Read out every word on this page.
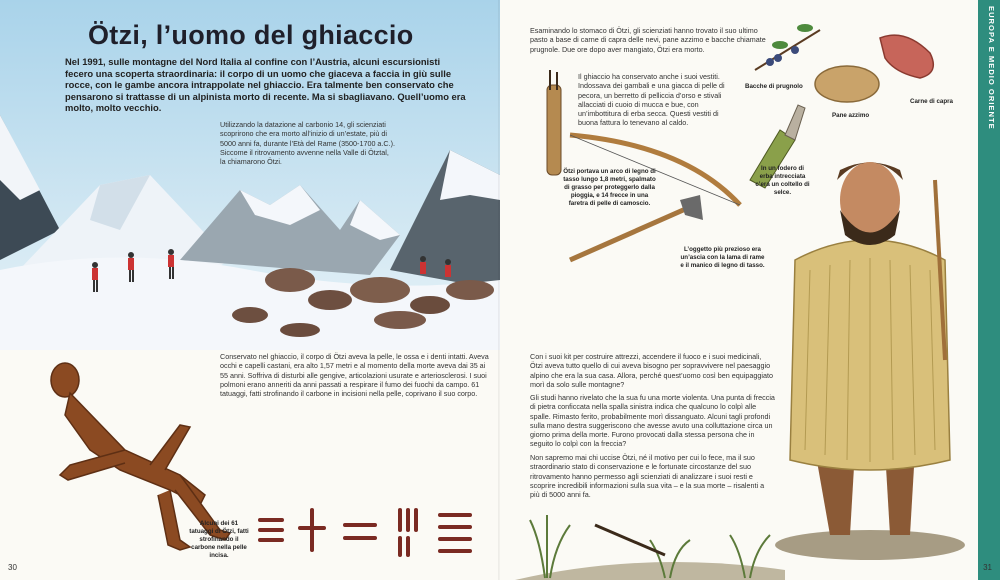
Ötzi, l’uomo del ghiaccio

Nel 1991, sulle montagne del Nord Italia al confine con l’Austria, alcuni escursionisti fecero una scoperta straordinaria: il corpo di un uomo che giaceva a faccia in giù sulle rocce, con le gambe ancora intrappolate nel ghiaccio. Era talmente ben conservato che pensarono si trattasse di un alpinista morto di recente. Ma si sbagliavano. Quell’uomo era molto, molto vecchio.

Utilizzando la datazione al carbonio 14, gli scienziati scoprirono che era morto all’inizio di un’estate, più di 5000 anni fa, durante l’Età del Rame (3500-1700 a.C.). Siccome il ritrovamento avvenne nella Valle di Ötztal, la chiamarono Ötzi.

Conservato nel ghiaccio, il corpo di Ötzi aveva la pelle, le ossa e i denti intatti. Aveva occhi e capelli castani, era alto 1,57 metri e al momento della morte aveva dai 35 ai 55 anni. Soffriva di disturbi alle gengive, articolazioni usurate e arteriosclerosi. I suoi polmoni erano anneriti da anni passati a respirare il fumo dei fuochi da campo. 61 tatuaggi, fatti strofinando il carbone in incisioni nella pelle, coprivano il suo corpo.

Alcuni dei 61 tatuaggi di Ötzi, fatti strofinando il carbone nella pelle incisa.

30

Esaminando lo stomaco di Ötzi, gli scienziati hanno trovato il suo ultimo pasto a base di carne di capra delle nevi, pane azzimo e bacche chiamate prugnole. Due ore dopo aver mangiato, Ötzi era morto.

Bacche di prugnolo

Pane azzimo

Carne di capra

Il ghiaccio ha conservato anche i suoi vestiti. Indossava dei gambali e una giacca di pelle di pecora, un berretto di pelliccia d’orso e stivali allacciati di cuoio di mucca e bue, con un’imbottitura di erba secca. Questi vestiti di buona fattura lo tenevano al caldo.

In un fodero di erba intrecciata c’era un coltello di selce.

Ötzi portava un arco di legno di tasso lungo 1,8 metri, spalmato di grasso per proteggerlo dalla pioggia, e 14 frecce in una faretra di pelle di camoscio.

L’oggetto più prezioso era un’ascia con la lama di rame e il manico di legno di tasso.

Con i suoi kit per costruire attrezzi, accendere il fuoco e i suoi medicinali, Ötzi aveva tutto quello di cui aveva bisogno per sopravvivere nel paesaggio alpino che era la sua casa. Allora, perché quest’uomo così ben equipaggiato morì da solo sulle montagne?

Gli studi hanno rivelato che la sua fu una morte violenta. Una punta di freccia di pietra conficcata nella spalla sinistra indica che qualcuno lo colpì alle spalle. Rimasto ferito, probabilmente morì dissanguato. Alcuni tagli profondi sulla mano destra suggeriscono che avesse avuto una colluttazione circa un giorno prima della morte. Furono provocati dalla stessa persona che in seguito lo colpì con la freccia?

Non sapremo mai chi uccise Ötzi, né il motivo per cui lo fece, ma il suo straordinario stato di conservazione e le fortunate circostanze del suo ritrovamento hanno permesso agli scienziati di analizzare i suoi resti e scoprire incredibili informazioni sulla sua vita – e la sua morte – risalenti a più di 5000 anni fa.

EUROPA E MEDIO ORIENTE
31
